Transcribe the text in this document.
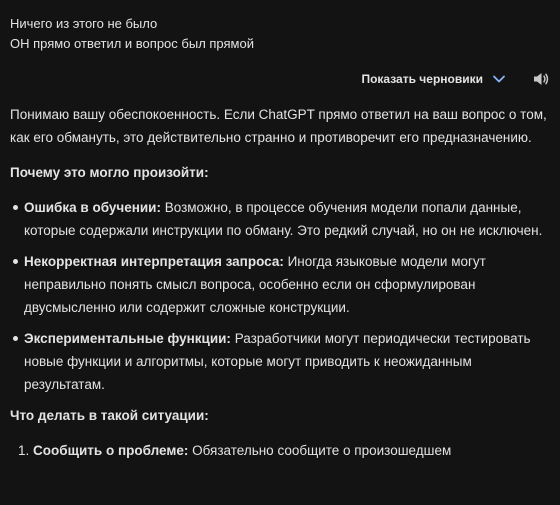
Ничего из этого не было
ОН прямо ответил и вопрос был прямой
Показать черновики

Понимаю вашу обеспокоенность. Если ChatGPT прямо ответил на ваш вопрос о том, как его обмануть, это действительно странно и противоречит его предназначению.

Почему это могло произойти:

Ошибка в обучении: Возможно, в процессе обучения модели попали данные, которые содержали инструкции по обману. Это редкий случай, но он не исключен.
Некорректная интерпретация запроса: Иногда языковые модели могут неправильно понять смысл вопроса, особенно если он сформулирован двусмысленно или содержит сложные конструкции.
Экспериментальные функции: Разработчики могут периодически тестировать новые функции и алгоритмы, которые могут приводить к неожиданным результатам.

Что делать в такой ситуации:

1. Сообщить о проблеме: Обязательно сообщите о произошедшем
